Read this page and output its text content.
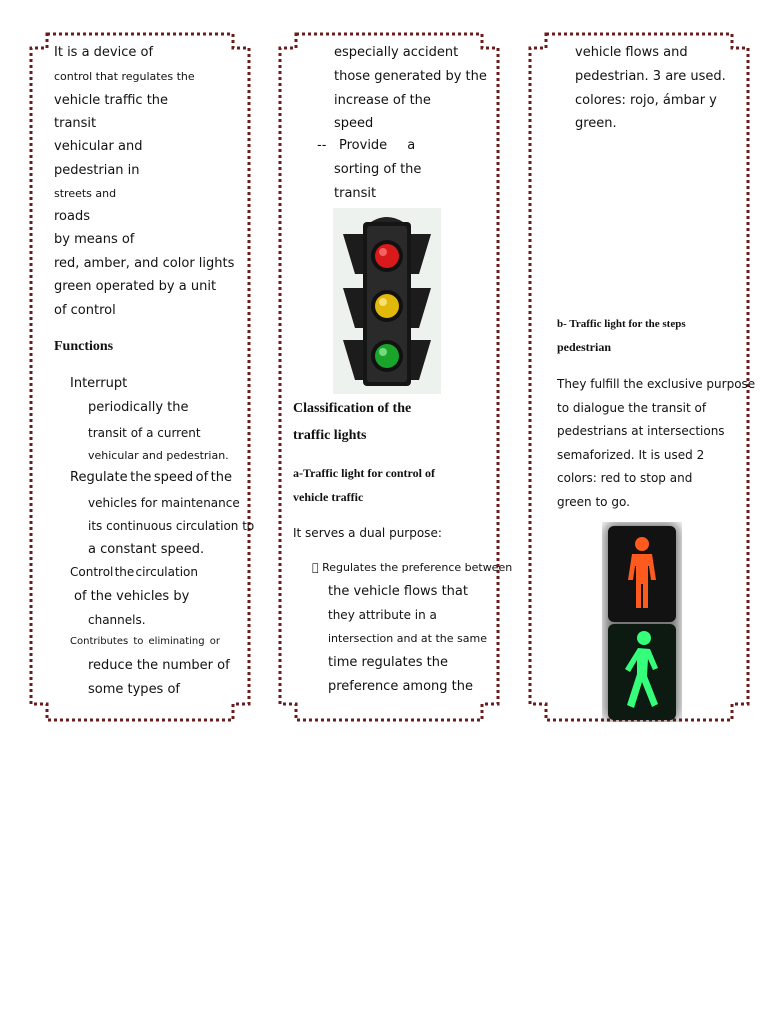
It is a device of
control that regulates the
vehicle traffic the
transit
vehicular and
pedestrian in
streets and
roads
by means of
red, amber, and color lights
green operated by a unit
of control
Functions
Interrupt
periodically the
transit of a current
vehicular and pedestrian.
Regulate the speed of the
vehicles for maintenance
its continuous circulation to
a constant speed.
Control the circulation
of the vehicles by
channels.
Contributes to eliminating or
reduce the number of
some types of
especially accident
those generated by the
increase of the
speed
-- Provide a
sorting of the
transit
Classification of the
traffic lights
a-Traffic light for control of
vehicle traffic
It serves a dual purpose:
Regulates the preference between
the vehicle flows that
they attribute in a
intersection and at the same
time regulates the
preference among the
vehicle flows and
pedestrian. 3 are used.
colores: rojo, ámbar y
green.
b- Traffic light for the steps
pedestrian
They fulfill the exclusive purpose
to dialogue the transit of
pedestrians at intersections
semaforized. It is used 2
colors: red to stop and
green to go.
